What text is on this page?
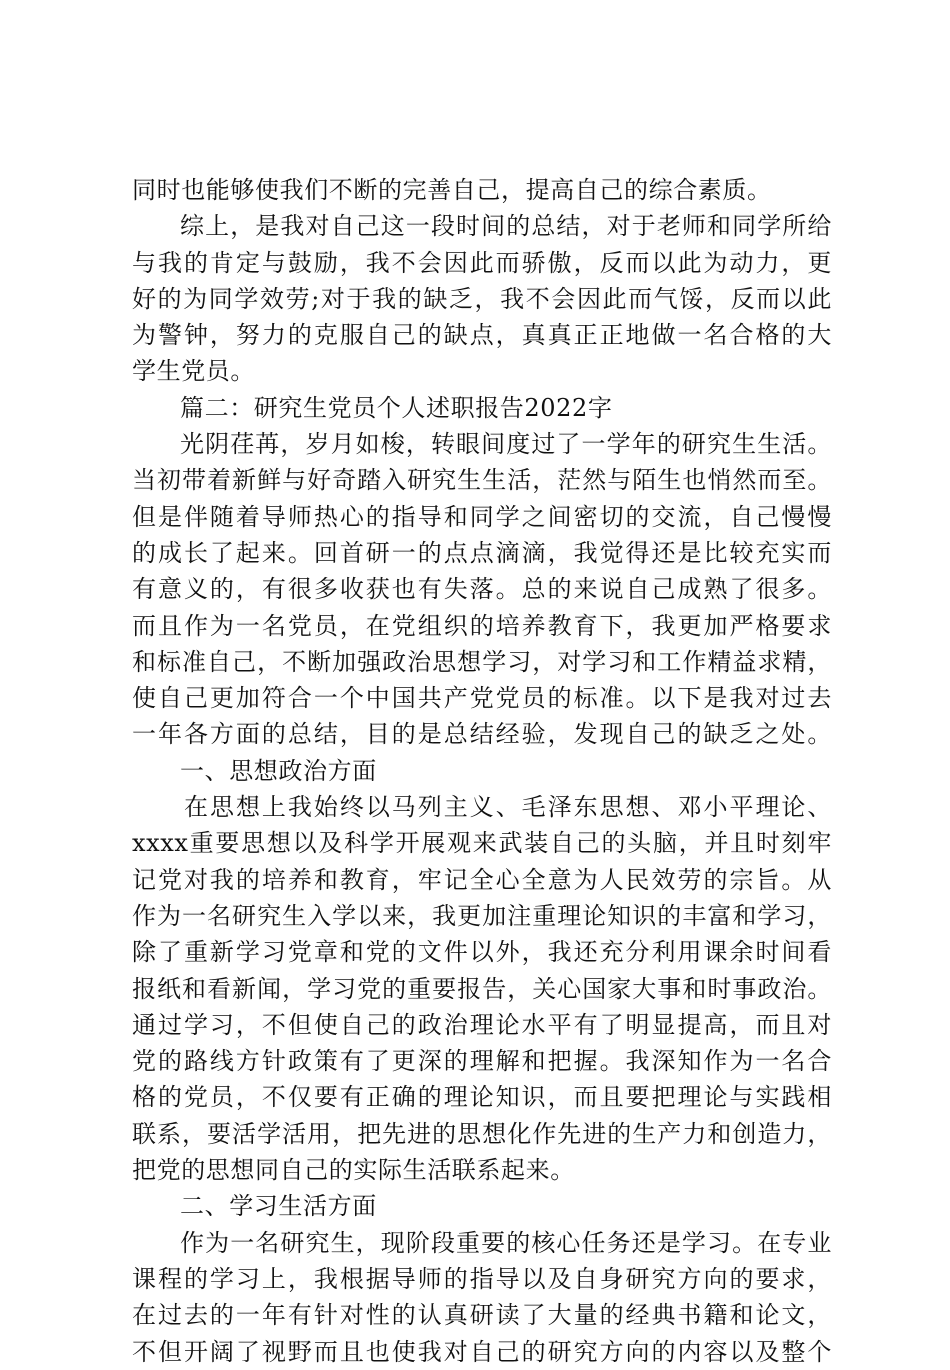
同时也能够使我们不断的完善自己，提高自己的综合素质。
综上，是我对自己这一段时间的总结，对于老师和同学所给
与我的肯定与鼓励，我不会因此而骄傲，反而以此为动力，更
好的为同学效劳;对于我的缺乏，我不会因此而气馁，反而以此
为警钟，努力的克服自己的缺点，真真正正地做一名合格的大
学生党员。
篇二：研究生党员个人述职报告2022字
光阴荏苒，岁月如梭，转眼间度过了一学年的研究生生活。
当初带着新鲜与好奇踏入研究生生活，茫然与陌生也悄然而至。
但是伴随着导师热心的指导和同学之间密切的交流，自己慢慢
的成长了起来。回首研一的点点滴滴，我觉得还是比较充实而
有意义的，有很多收获也有失落。总的来说自己成熟了很多。
而且作为一名党员，在党组织的培养教育下，我更加严格要求
和标准自己，不断加强政治思想学习，对学习和工作精益求精，
使自己更加符合一个中国共产党党员的标准。以下是我对过去
一年各方面的总结，目的是总结经验，发现自己的缺乏之处。
一、思想政治方面
在思想上我始终以马列主义、毛泽东思想、邓小平理论、
xxxx重要思想以及科学开展观来武装自己的头脑，并且时刻牢
记党对我的培养和教育，牢记全心全意为人民效劳的宗旨。从
作为一名研究生入学以来，我更加注重理论知识的丰富和学习，
除了重新学习党章和党的文件以外，我还充分利用课余时间看
报纸和看新闻，学习党的重要报告，关心国家大事和时事政治。
通过学习，不但使自己的政治理论水平有了明显提高，而且对
党的路线方针政策有了更深的理解和把握。我深知作为一名合
格的党员，不仅要有正确的理论知识，而且要把理论与实践相
联系，要活学活用，把先进的思想化作先进的生产力和创造力，
把党的思想同自己的实际生活联系起来。
二、学习生活方面
作为一名研究生，现阶段重要的核心任务还是学习。在专业
课程的学习上，我根据导师的指导以及自身研究方向的要求，
在过去的一年有针对性的认真研读了大量的经典书籍和论文，
不但开阔了视野而且也使我对自己的研究方向的内容以及整个
